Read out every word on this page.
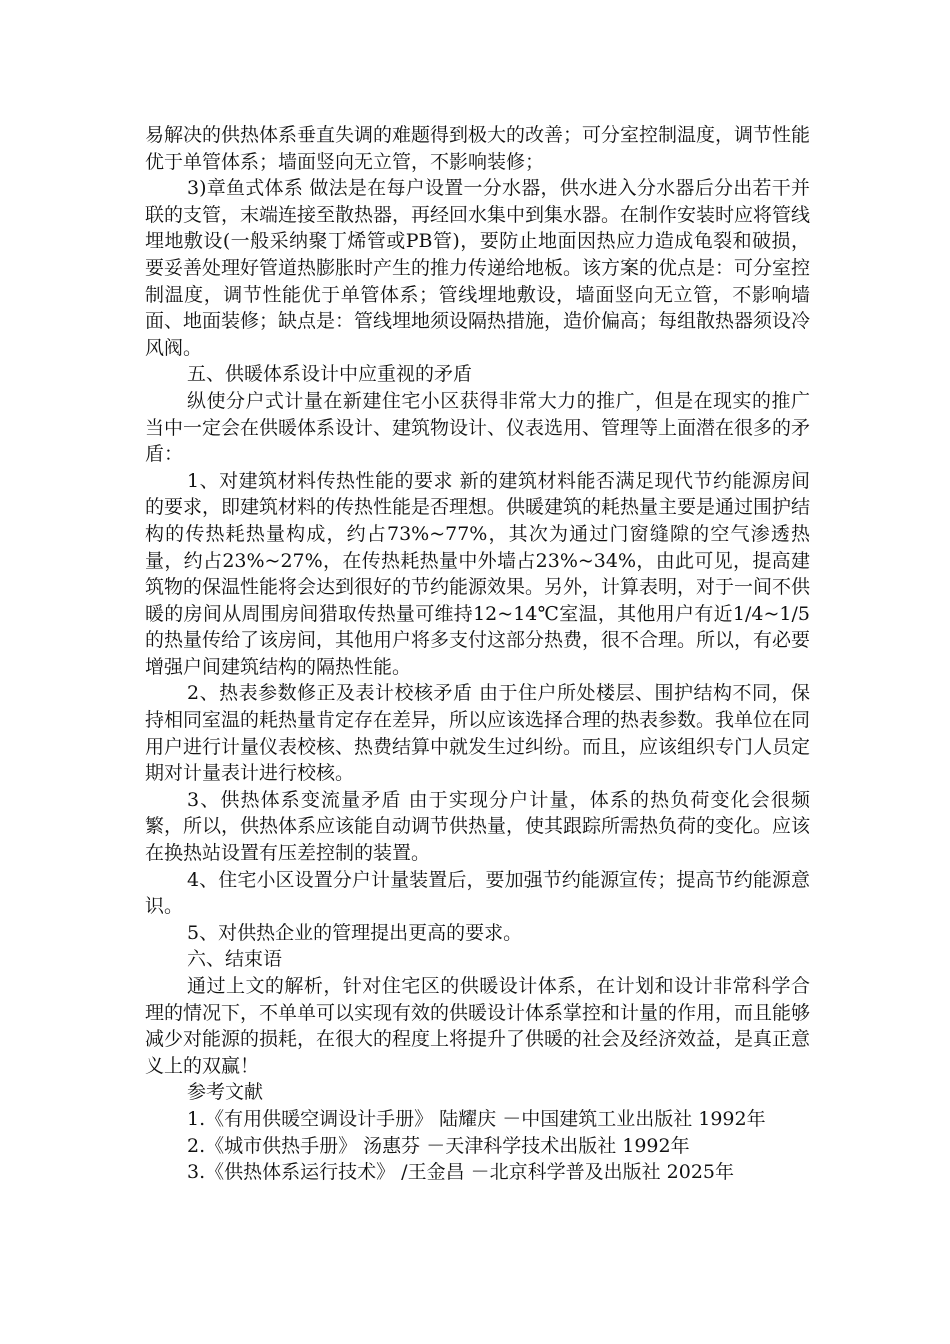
易解决的供热体系垂直失调的难题得到极大的改善；可分室控制温度，调节性能优于单管体系；墙面竖向无立管，不影响装修；

3)章鱼式体系 做法是在每户设置一分水器，供水进入分水器后分出若干并联的支管，末端连接至散热器，再经回水集中到集水器。在制作安装时应将管线埋地敷设(一般采纳聚丁烯管或PB管)，要防止地面因热应力造成龟裂和破损，要妥善处理好管道热膨胀时产生的推力传递给地板。该方案的优点是：可分室控制温度，调节性能优于单管体系；管线埋地敷设，墙面竖向无立管，不影响墙面、地面装修；缺点是：管线埋地须设隔热措施，造价偏高；每组散热器须设冷风阀。

五、供暖体系设计中应重视的矛盾

纵使分户式计量在新建住宅小区获得非常大力的推广，但是在现实的推广当中一定会在供暖体系设计、建筑物设计、仪表选用、管理等上面潜在很多的矛盾：

1、对建筑材料传热性能的要求 新的建筑材料能否满足现代节约能源房间的要求，即建筑材料的传热性能是否理想。供暖建筑的耗热量主要是通过围护结构的传热耗热量构成，约占73%~77%，其次为通过门窗缝隙的空气渗透热量，约占23%~27%，在传热耗热量中外墙占23%~34%，由此可见，提高建筑物的保温性能将会达到很好的节约能源效果。另外，计算表明，对于一间不供暖的房间从周围房间猎取传热量可维持12~14℃室温，其他用户有近1/4~1/5的热量传给了该房间，其他用户将多支付这部分热费，很不合理。所以，有必要增强户间建筑结构的隔热性能。

2、热表参数修正及表计校核矛盾 由于住户所处楼层、围护结构不同，保持相同室温的耗热量肯定存在差异，所以应该选择合理的热表参数。我单位在同用户进行计量仪表校核、热费结算中就发生过纠纷。而且，应该组织专门人员定期对计量表计进行校核。

3、供热体系变流量矛盾 由于实现分户计量，体系的热负荷变化会很频繁，所以，供热体系应该能自动调节供热量，使其跟踪所需热负荷的变化。应该在换热站设置有压差控制的装置。

4、住宅小区设置分户计量装置后，要加强节约能源宣传；提高节约能源意识。

5、对供热企业的管理提出更高的要求。

六、结束语

通过上文的解析，针对住宅区的供暖设计体系，在计划和设计非常科学合理的情况下，不单单可以实现有效的供暖设计体系掌控和计量的作用，而且能够减少对能源的损耗，在很大的程度上将提升了供暖的社会及经济效益，是真正意义上的双赢！

参考文献

1.《有用供暖空调设计手册》 陆耀庆 －中国建筑工业出版社 1992年

2.《城市供热手册》 汤惠芬 －天津科学技术出版社 1992年

3.《供热体系运行技术》 /王金昌 －北京科学普及出版社 2025年
